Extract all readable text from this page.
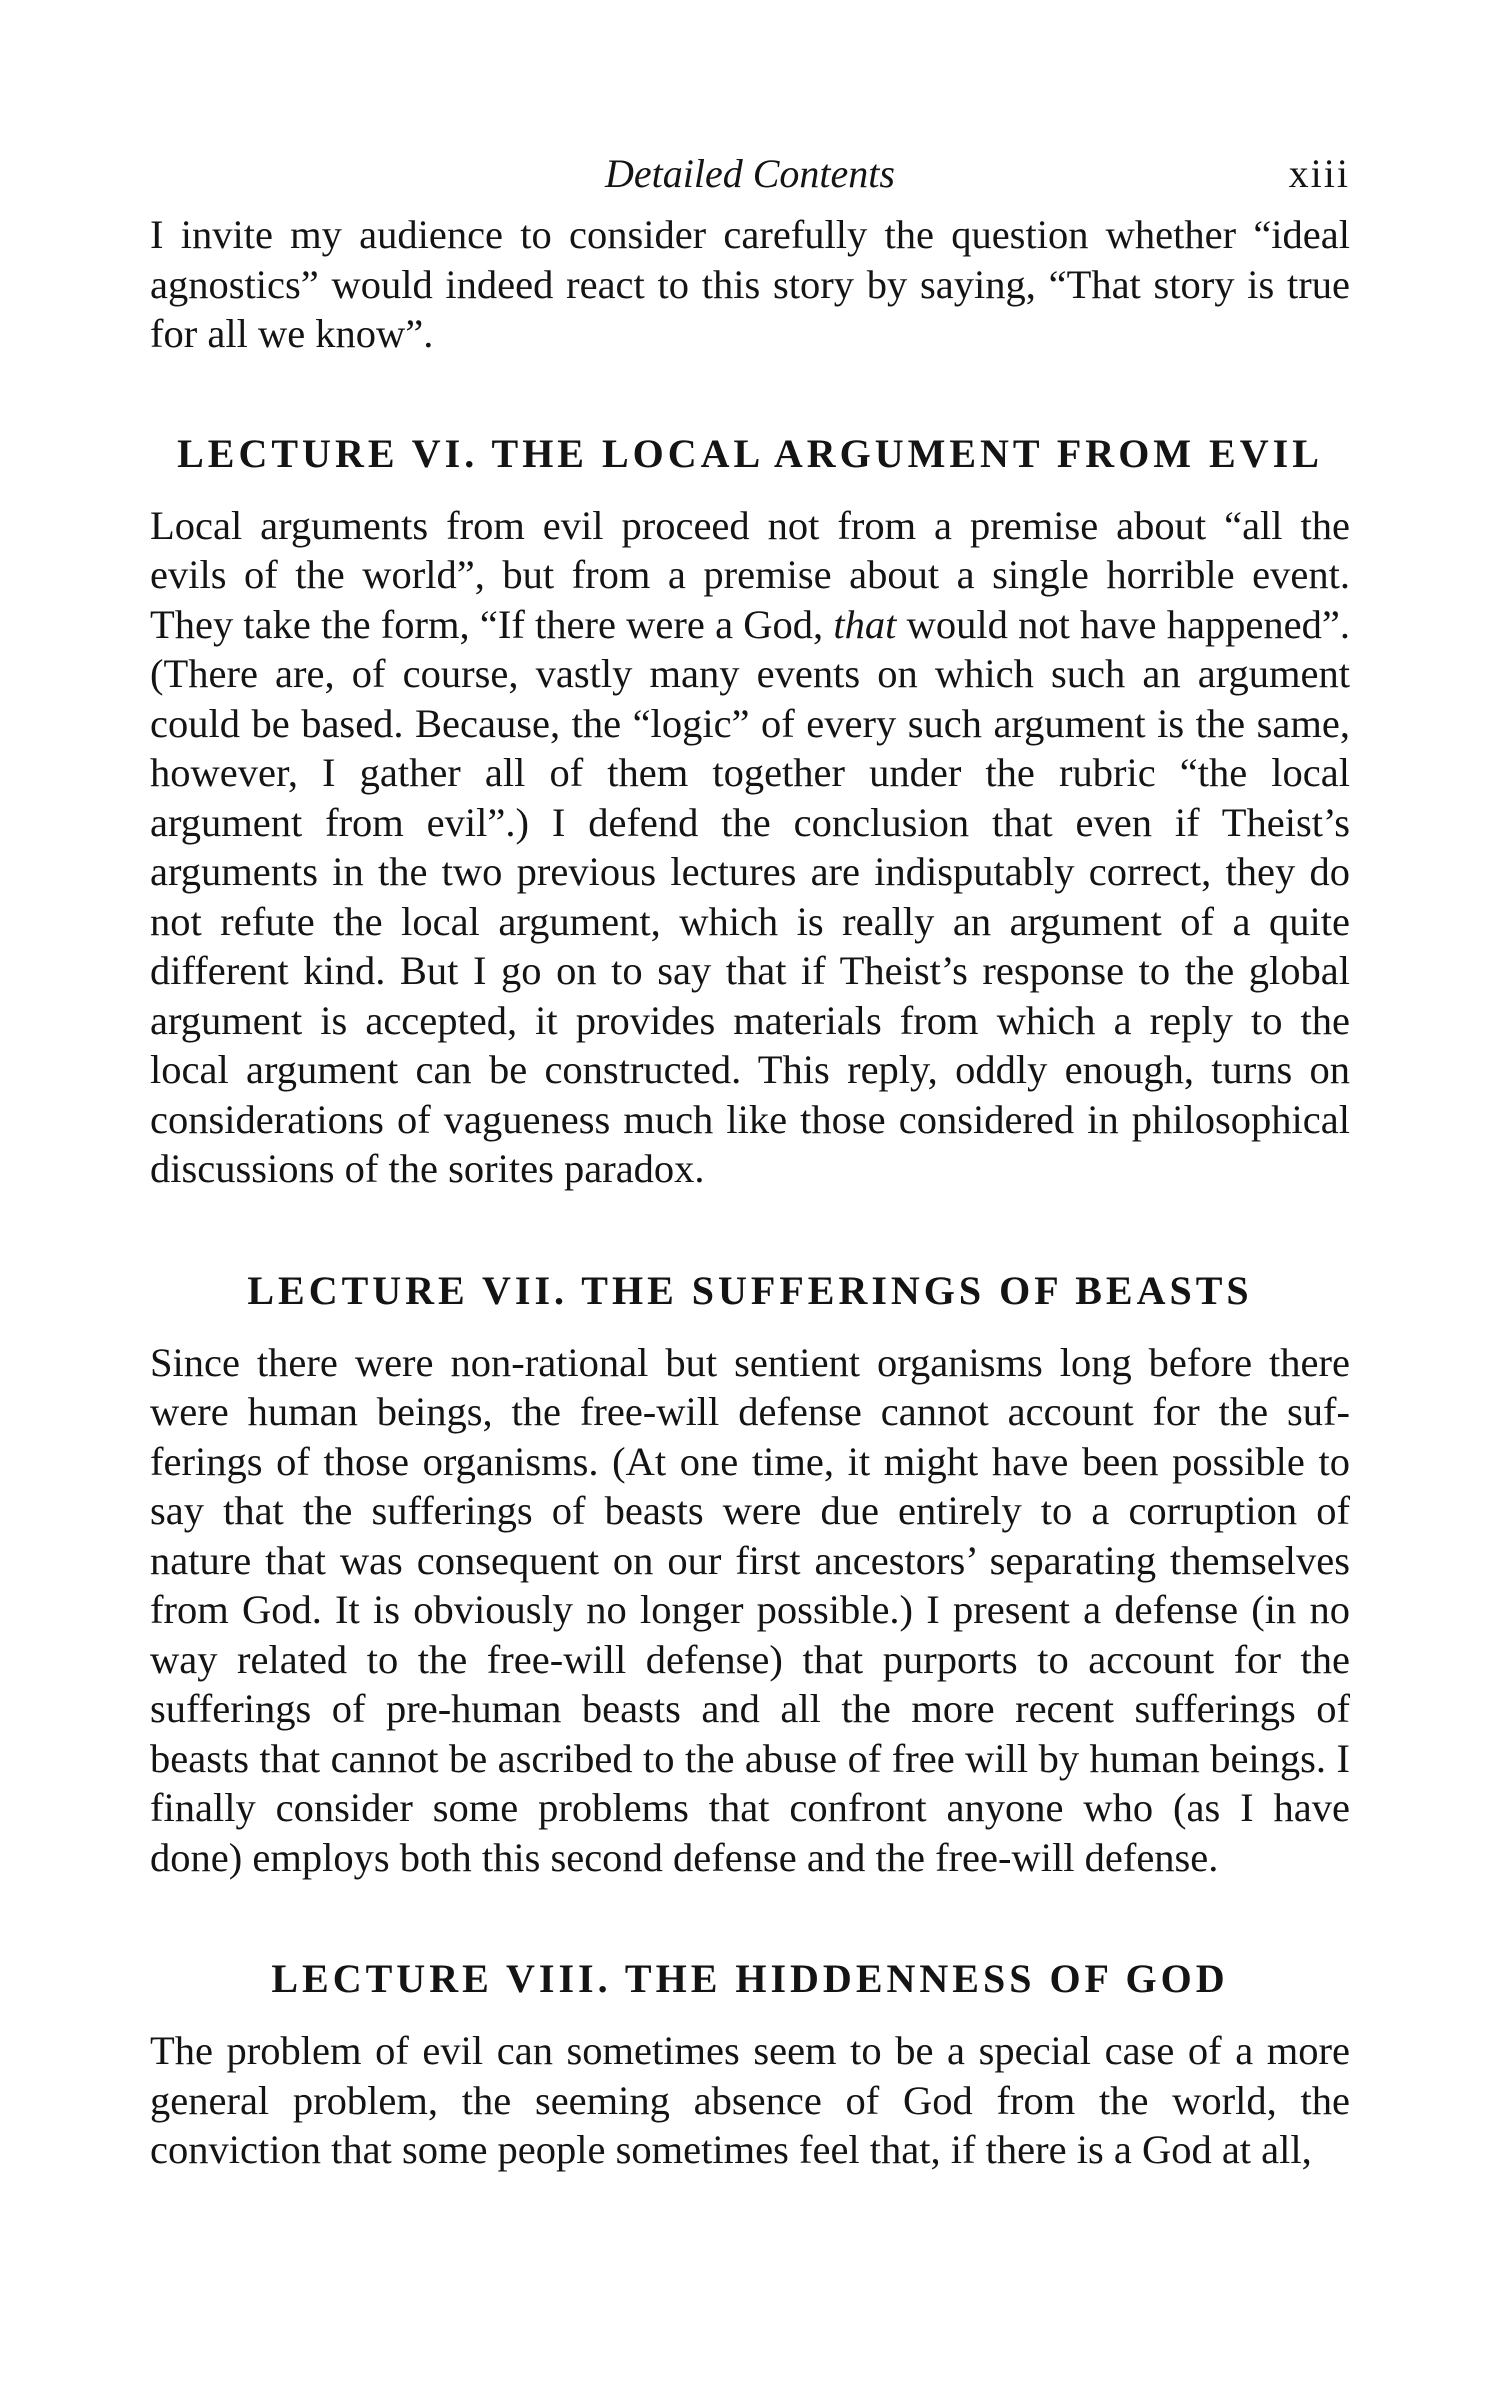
Detailed Contents	xiii

I invite my audience to consider carefully the question whether “ideal agnostics” would indeed react to this story by saying, “That story is true for all we know”.

LECTURE VI. THE LOCAL ARGUMENT FROM EVIL

Local arguments from evil proceed not from a premise about “all the evils of the world”, but from a premise about a single horrible event. They take the form, “If there were a God, that would not have happened”. (There are, of course, vastly many events on which such an argument could be based. Because, the “logic” of every such argument is the same, however, I gather all of them together under the rubric “the local argument from evil”.) I defend the conclusion that even if Theist’s arguments in the two previous lectures are indisputably correct, they do not refute the local argument, which is really an argument of a quite different kind. But I go on to say that if Theist’s response to the global argument is accepted, it provides materials from which a reply to the local argument can be constructed. This reply, oddly enough, turns on considerations of vagueness much like those considered in philosophical discussions of the sorites paradox.

LECTURE VII. THE SUFFERINGS OF BEASTS

Since there were non-rational but sentient organisms long before there were human beings, the free-will defense cannot account for the sufferings of those organisms. (At one time, it might have been possible to say that the sufferings of beasts were due entirely to a corruption of nature that was consequent on our first ancestors’ separating themselves from God. It is obviously no longer possible.) I present a defense (in no way related to the free-will defense) that purports to account for the sufferings of pre-human beasts and all the more recent sufferings of beasts that cannot be ascribed to the abuse of free will by human beings. I finally consider some problems that confront anyone who (as I have done) employs both this second defense and the free-will defense.

LECTURE VIII. THE HIDDENNESS OF GOD

The problem of evil can sometimes seem to be a special case of a more general problem, the seeming absence of God from the world, the conviction that some people sometimes feel that, if there is a God at all,
